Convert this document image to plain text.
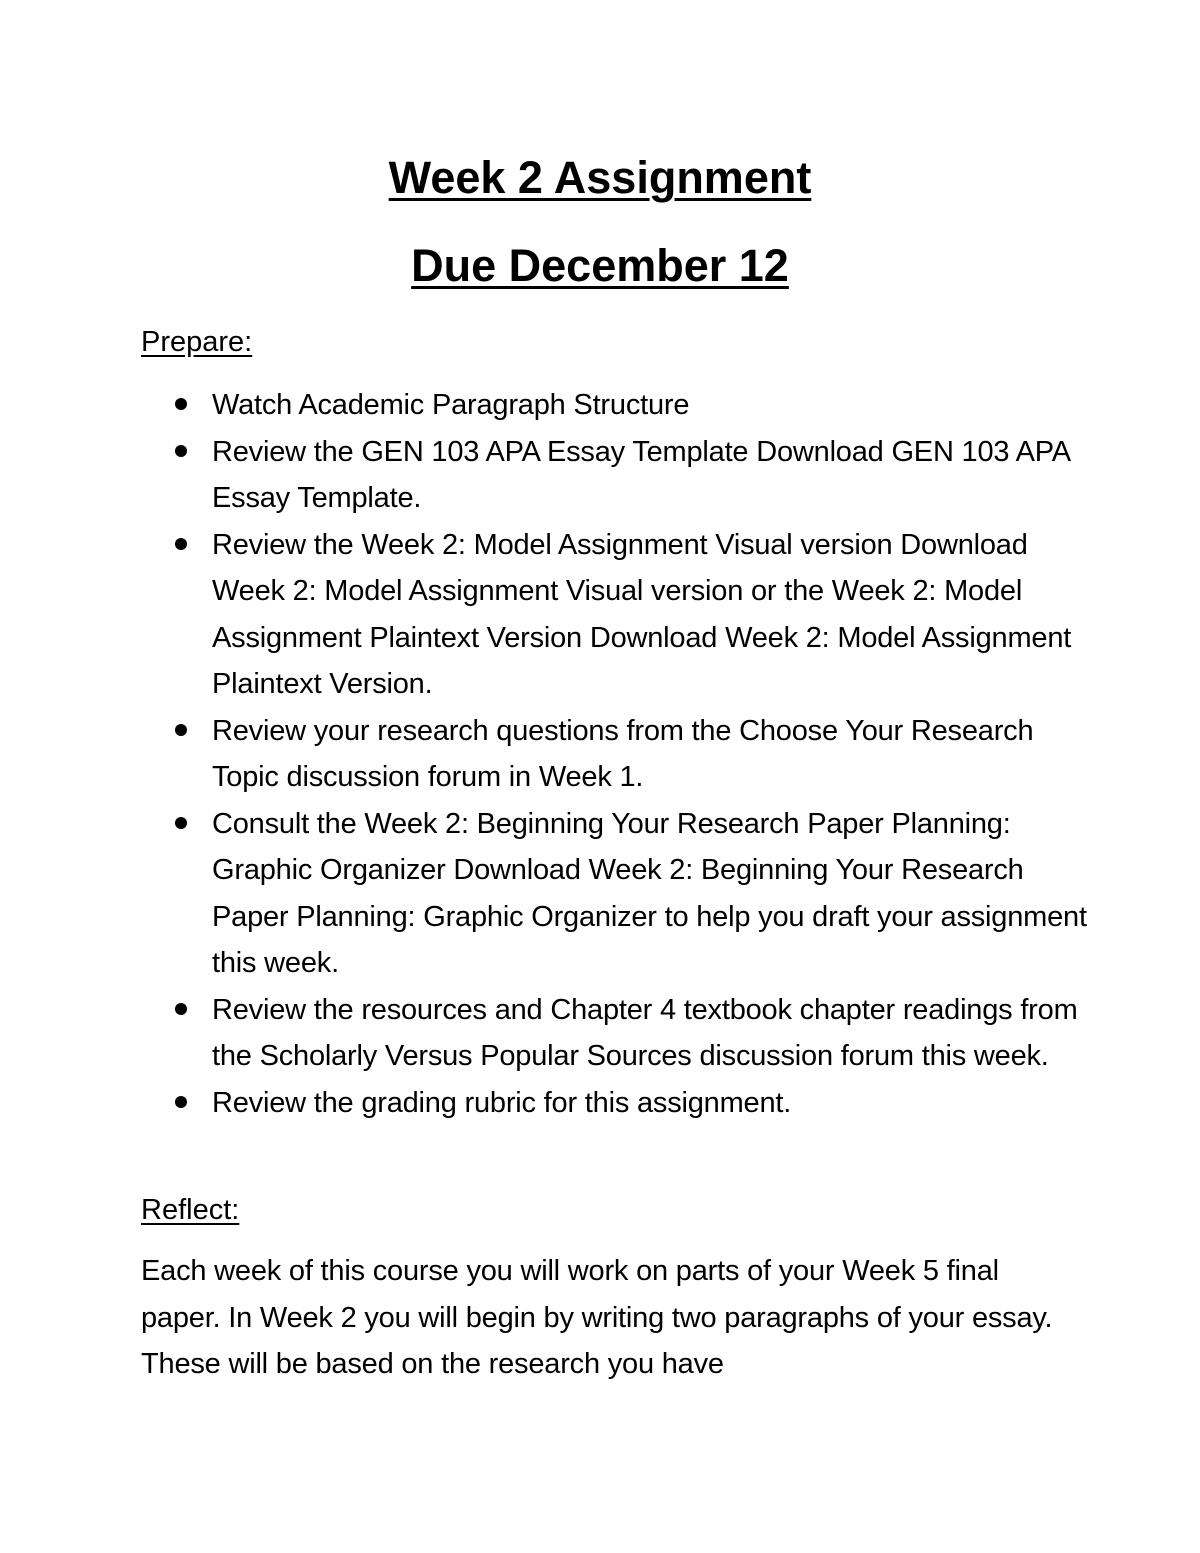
Week 2 Assignment
Due December 12
Prepare:
Watch Academic Paragraph Structure
Review the GEN 103 APA Essay Template Download GEN 103 APA Essay Template.
Review the Week 2: Model Assignment Visual version Download Week 2: Model Assignment Visual version or the Week 2: Model Assignment Plaintext Version Download Week 2: Model Assignment Plaintext Version.
Review your research questions from the Choose Your Research Topic discussion forum in Week 1.
Consult the Week 2: Beginning Your Research Paper Planning: Graphic Organizer Download Week 2: Beginning Your Research Paper Planning: Graphic Organizer to help you draft your assignment this week.
Review the resources and Chapter 4 textbook chapter readings from the Scholarly Versus Popular Sources discussion forum this week.
Review the grading rubric for this assignment.
Reflect:

Each week of this course you will work on parts of your Week 5 final paper. In Week 2 you will begin by writing two paragraphs of your essay. These will be based on the research you have
